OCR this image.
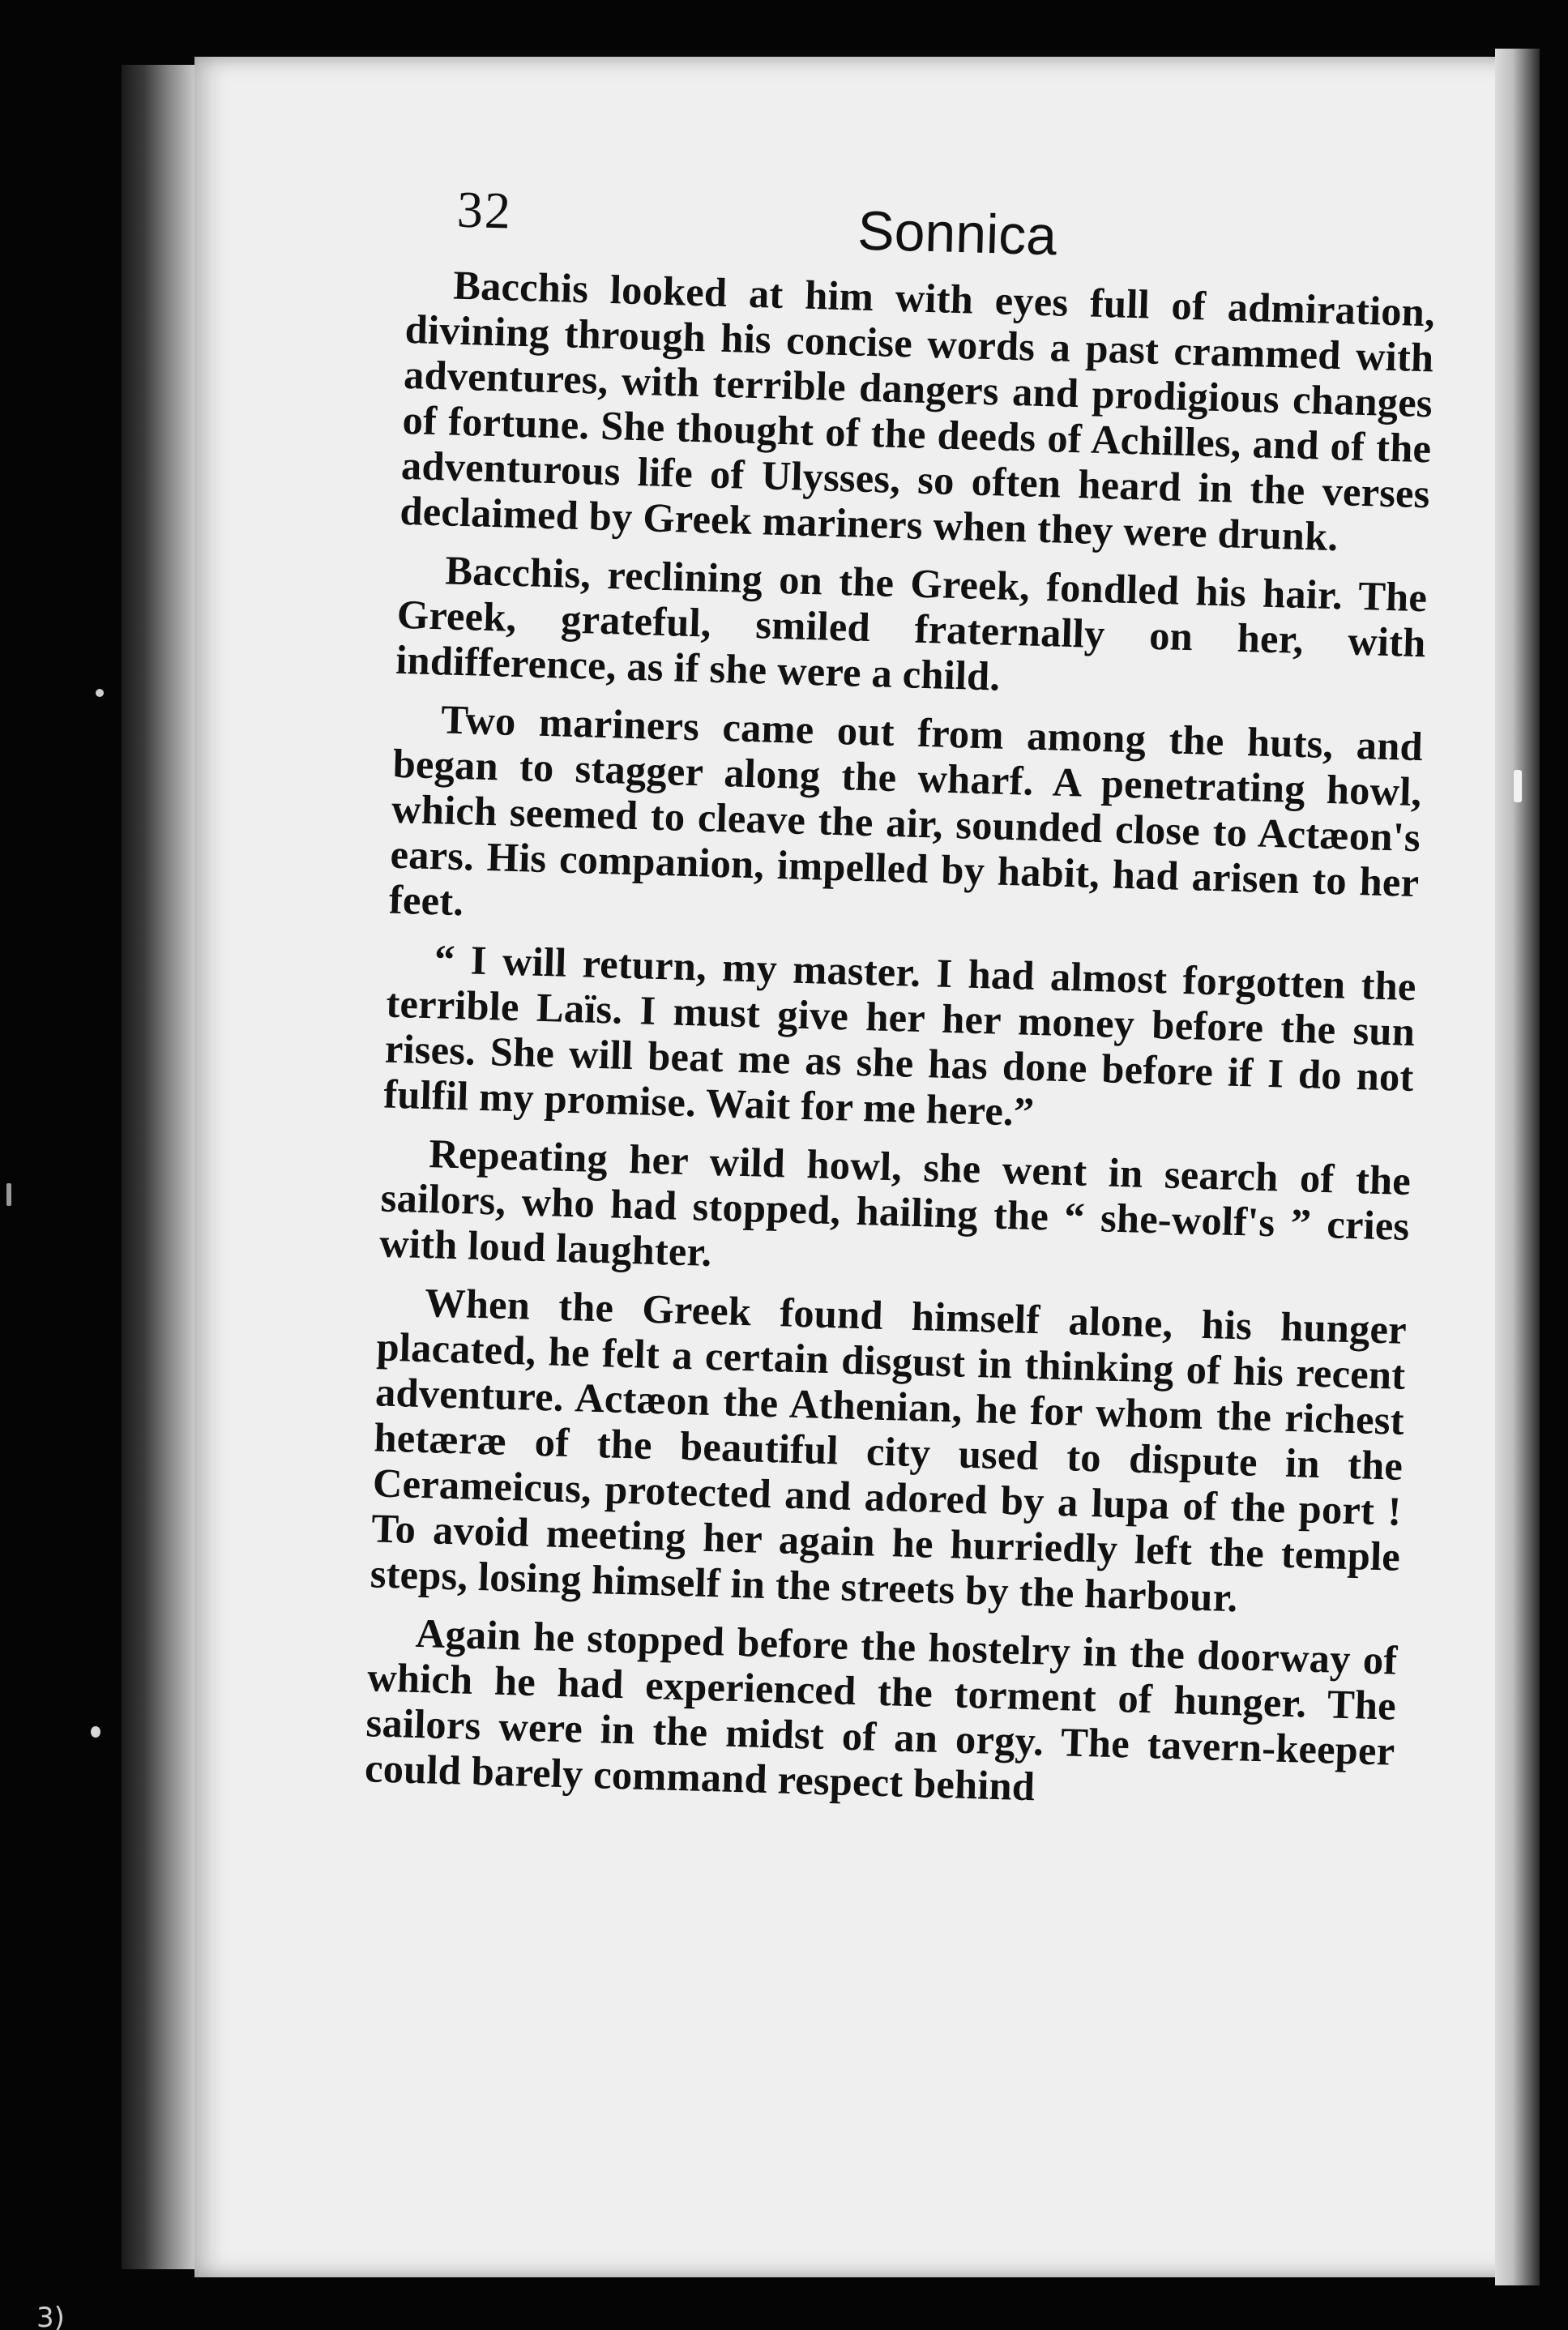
32	Sonnica

Bacchis looked at him with eyes full of admiration, divining through his concise words a past crammed with adventures, with terrible dangers and prodigious changes of fortune. She thought of the deeds of Achilles, and of the adventurous life of Ulysses, so often heard in the verses declaimed by Greek mariners when they were drunk.

Bacchis, reclining on the Greek, fondled his hair. The Greek, grateful, smiled fraternally on her, with indifference, as if she were a child.

Two mariners came out from among the huts, and began to stagger along the wharf. A penetrating howl, which seemed to cleave the air, sounded close to Actæon's ears. His companion, impelled by habit, had arisen to her feet.

“ I will return, my master. I had almost forgotten the terrible Laïs. I must give her her money before the sun rises. She will beat me as she has done before if I do not fulfil my promise. Wait for me here.”

Repeating her wild howl, she went in search of the sailors, who had stopped, hailing the “ she-wolf's ” cries with loud laughter.

When the Greek found himself alone, his hunger placated, he felt a certain disgust in thinking of his recent adventure. Actæon the Athenian, he for whom the richest hetæræ of the beautiful city used to dispute in the Cerameicus, protected and adored by a lupa of the port ! To avoid meeting her again he hurriedly left the temple steps, losing himself in the streets by the harbour.

Again he stopped before the hostelry in the doorway of which he had experienced the torment of hunger. The sailors were in the midst of an orgy. The tavern-keeper could barely command respect behind

3)
